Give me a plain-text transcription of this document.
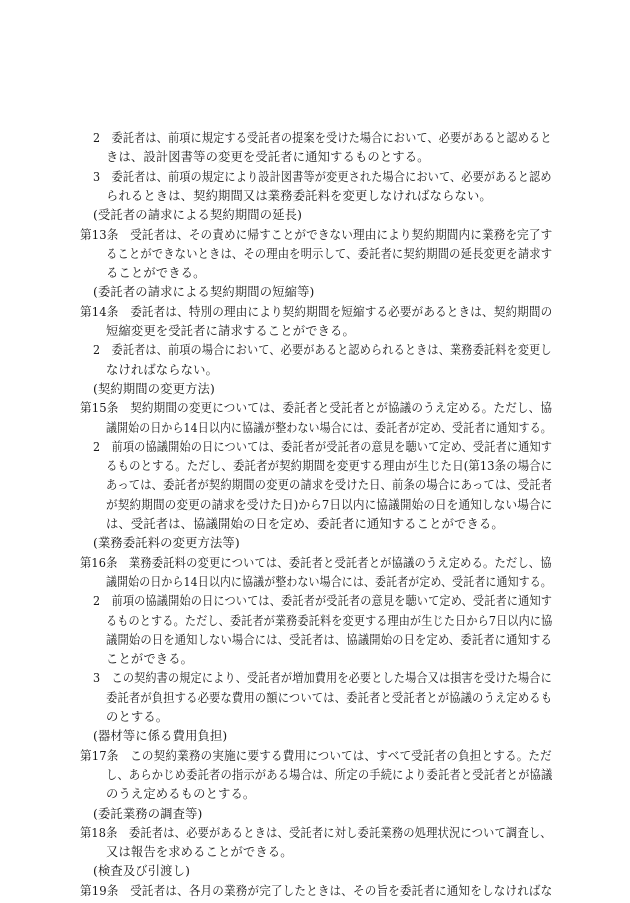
2　委託者は、前項に規定する受託者の提案を受けた場合において、必要があると認めると
きは、設計図書等の変更を受託者に通知するものとする。
3　委託者は、前項の規定により設計図書等が変更された場合において、必要があると認め
られるときは、契約期間又は業務委託料を変更しなければならない。
(受託者の請求による契約期間の延長)
第13条　受託者は、その責めに帰すことができない理由により契約期間内に業務を完了す
ることができないときは、その理由を明示して、委託者に契約期間の延長変更を請求す
ることができる。
(委託者の請求による契約期間の短縮等)
第14条　委託者は、特別の理由により契約期間を短縮する必要があるときは、契約期間の
短縮変更を受託者に請求することができる。
2　委託者は、前項の場合において、必要があると認められるときは、業務委託料を変更し
なければならない。
(契約期間の変更方法)
第15条　契約期間の変更については、委託者と受託者とが協議のうえ定める。ただし、協
議開始の日から14日以内に協議が整わない場合には、委託者が定め、受託者に通知する。
2　前項の協議開始の日については、委託者が受託者の意見を聴いて定め、受託者に通知す
るものとする。ただし、委託者が契約期間を変更する理由が生じた日(第13条の場合に
あっては、委託者が契約期間の変更の請求を受けた日、前条の場合にあっては、受託者
が契約期間の変更の請求を受けた日)から7日以内に協議開始の日を通知しない場合に
は、受託者は、協議開始の日を定め、委託者に通知することができる。
(業務委託料の変更方法等)
第16条　業務委託料の変更については、委託者と受託者とが協議のうえ定める。ただし、協
議開始の日から14日以内に協議が整わない場合には、委託者が定め、受託者に通知する。
2　前項の協議開始の日については、委託者が受託者の意見を聴いて定め、受託者に通知す
るものとする。ただし、委託者が業務委託料を変更する理由が生じた日から7日以内に協
議開始の日を通知しない場合には、受託者は、協議開始の日を定め、委託者に通知する
ことができる。
3　この契約書の規定により、受託者が増加費用を必要とした場合又は損害を受けた場合に
委託者が負担する必要な費用の額については、委託者と受託者とが協議のうえ定めるも
のとする。
(器材等に係る費用負担)
第17条　この契約業務の実施に要する費用については、すべて受託者の負担とする。ただ
し、あらかじめ委託者の指示がある場合は、所定の手続により委託者と受託者とが協議
のうえ定めるものとする。
(委託業務の調査等)
第18条　委託者は、必要があるときは、受託者に対し委託業務の処理状況について調査し、
又は報告を求めることができる。
(検査及び引渡し)
第19条　受託者は、各月の業務が完了したときは、その旨を委託者に通知をしなければな
